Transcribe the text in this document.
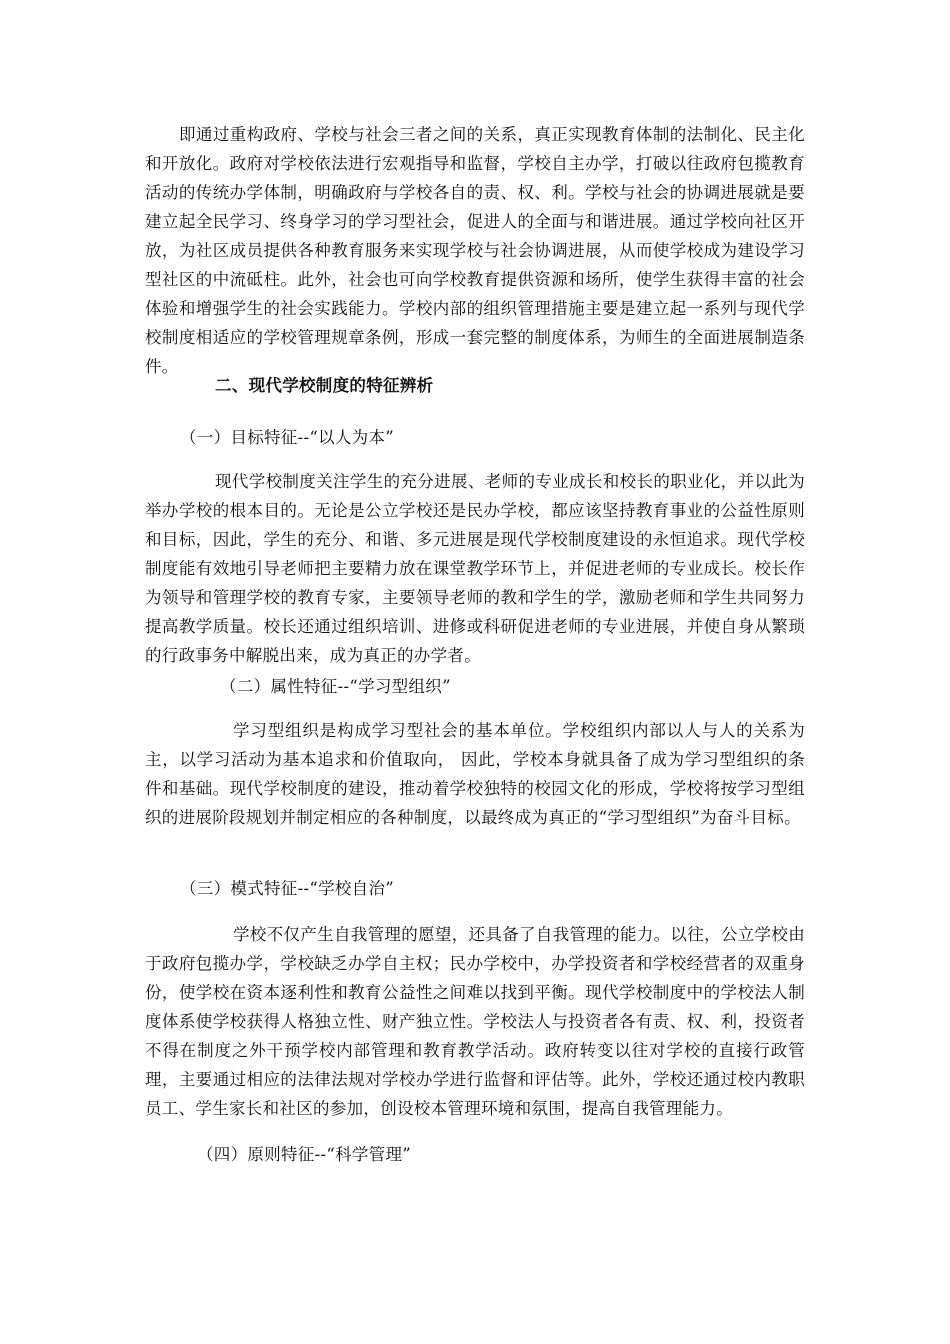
即通过重构政府、学校与社会三者之间的关系，真正实现教育体制的法制化、民主化和开放化。政府对学校依法进行宏观指导和监督，学校自主办学，打破以往政府包揽教育活动的传统办学体制，明确政府与学校各自的责、权、利。学校与社会的协调进展就是要建立起全民学习、终身学习的学习型社会，促进人的全面与和谐进展。通过学校向社区开放，为社区成员提供各种教育服务来实现学校与社会协调进展，从而使学校成为建设学习型社区的中流砥柱。此外，社会也可向学校教育提供资源和场所，使学生获得丰富的社会体验和增强学生的社会实践能力。学校内部的组织管理措施主要是建立起一系列与现代学校制度相适应的学校管理规章条例，形成一套完整的制度体系，为师生的全面进展制造条件。

二、现代学校制度的特征辨析

（一）目标特征--“以人为本”

现代学校制度关注学生的充分进展、老师的专业成长和校长的职业化，并以此为举办学校的根本目的。无论是公立学校还是民办学校，都应该坚持教育事业的公益性原则和目标，因此，学生的充分、和谐、多元进展是现代学校制度建设的永恒追求。现代学校制度能有效地引导老师把主要精力放在课堂教学环节上，并促进老师的专业成长。校长作为领导和管理学校的教育专家，主要领导老师的教和学生的学，激励老师和学生共同努力提高教学质量。校长还通过组织培训、进修或科研促进老师的专业进展，并使自身从繁琐的行政事务中解脱出来，成为真正的办学者。

（二）属性特征--“学习型组织”

学习型组织是构成学习型社会的基本单位。学校组织内部以人与人的关系为主，以学习活动为基本追求和价值取向， 因此，学校本身就具备了成为学习型组织的条件和基础。现代学校制度的建设，推动着学校独特的校园文化的形成，学校将按学习型组织的进展阶段规划并制定相应的各种制度，以最终成为真正的“学习型组织”为奋斗目标。

（三）模式特征--“学校自治”

学校不仅产生自我管理的愿望，还具备了自我管理的能力。以往，公立学校由于政府包揽办学，学校缺乏办学自主权；民办学校中，办学投资者和学校经营者的双重身份，使学校在资本逐利性和教育公益性之间难以找到平衡。现代学校制度中的学校法人制度体系使学校获得人格独立性、财产独立性。学校法人与投资者各有责、权、利，投资者不得在制度之外干预学校内部管理和教育教学活动。政府转变以往对学校的直接行政管理，主要通过相应的法律法规对学校办学进行监督和评估等。此外，学校还通过校内教职员工、学生家长和社区的参加，创设校本管理环境和氛围，提高自我管理能力。

（四）原则特征--“科学管理”
